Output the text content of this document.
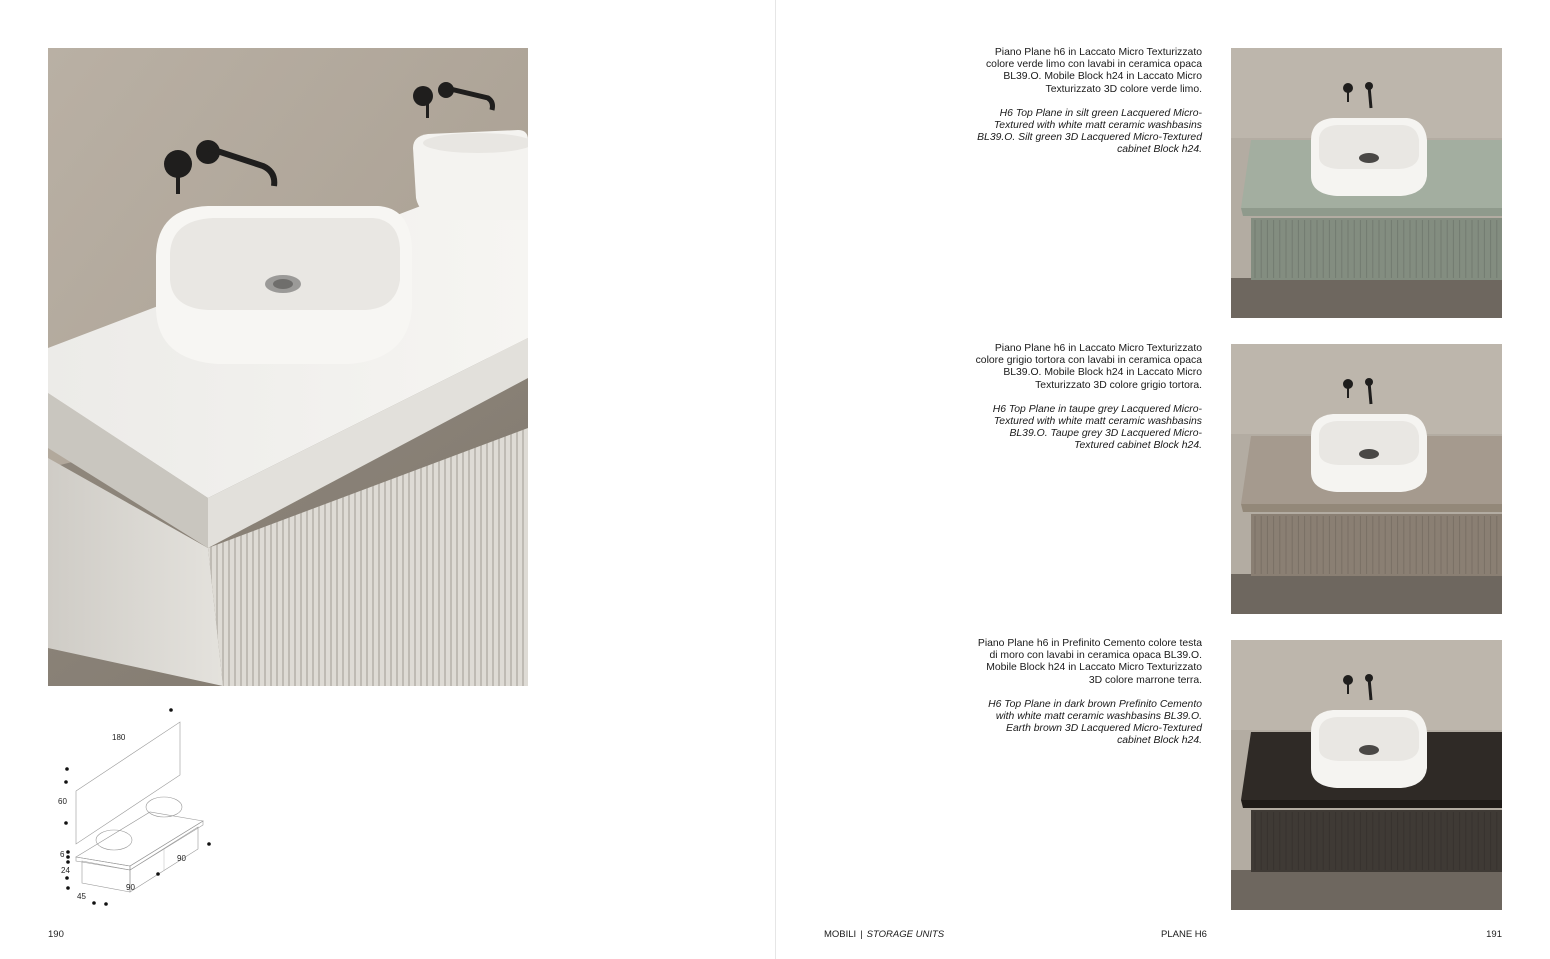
180
60
6
24
45
90
90
190

Piano Plane h6 in Laccato Micro Texturizzato colore verde limo con lavabi in ceramica opaca BL39.O. Mobile Block h24 in Laccato Micro Texturizzato 3D colore verde limo.

H6 Top Plane in silt green Lacquered Micro-Textured with white matt ceramic washbasins BL39.O. Silt green 3D Lacquered Micro-Textured cabinet Block h24.

Piano Plane h6 in Laccato Micro Texturizzato colore grigio tortora con lavabi in ceramica opaca BL39.O. Mobile Block h24 in Laccato Micro Texturizzato 3D colore grigio tortora.

H6 Top Plane in taupe grey Lacquered Micro-Textured with white matt ceramic washbasins BL39.O. Taupe grey 3D Lacquered Micro-Textured cabinet Block h24.

Piano Plane h6 in Prefinito Cemento colore testa di moro con lavabi in ceramica opaca BL39.O. Mobile Block h24 in Laccato Micro Texturizzato 3D colore marrone terra.

H6 Top Plane in dark brown Prefinito Cemento with white matt ceramic washbasins BL39.O. Earth brown 3D Lacquered Micro-Textured cabinet Block h24.

MOBILI | STORAGE UNITS	PLANE H6	191
